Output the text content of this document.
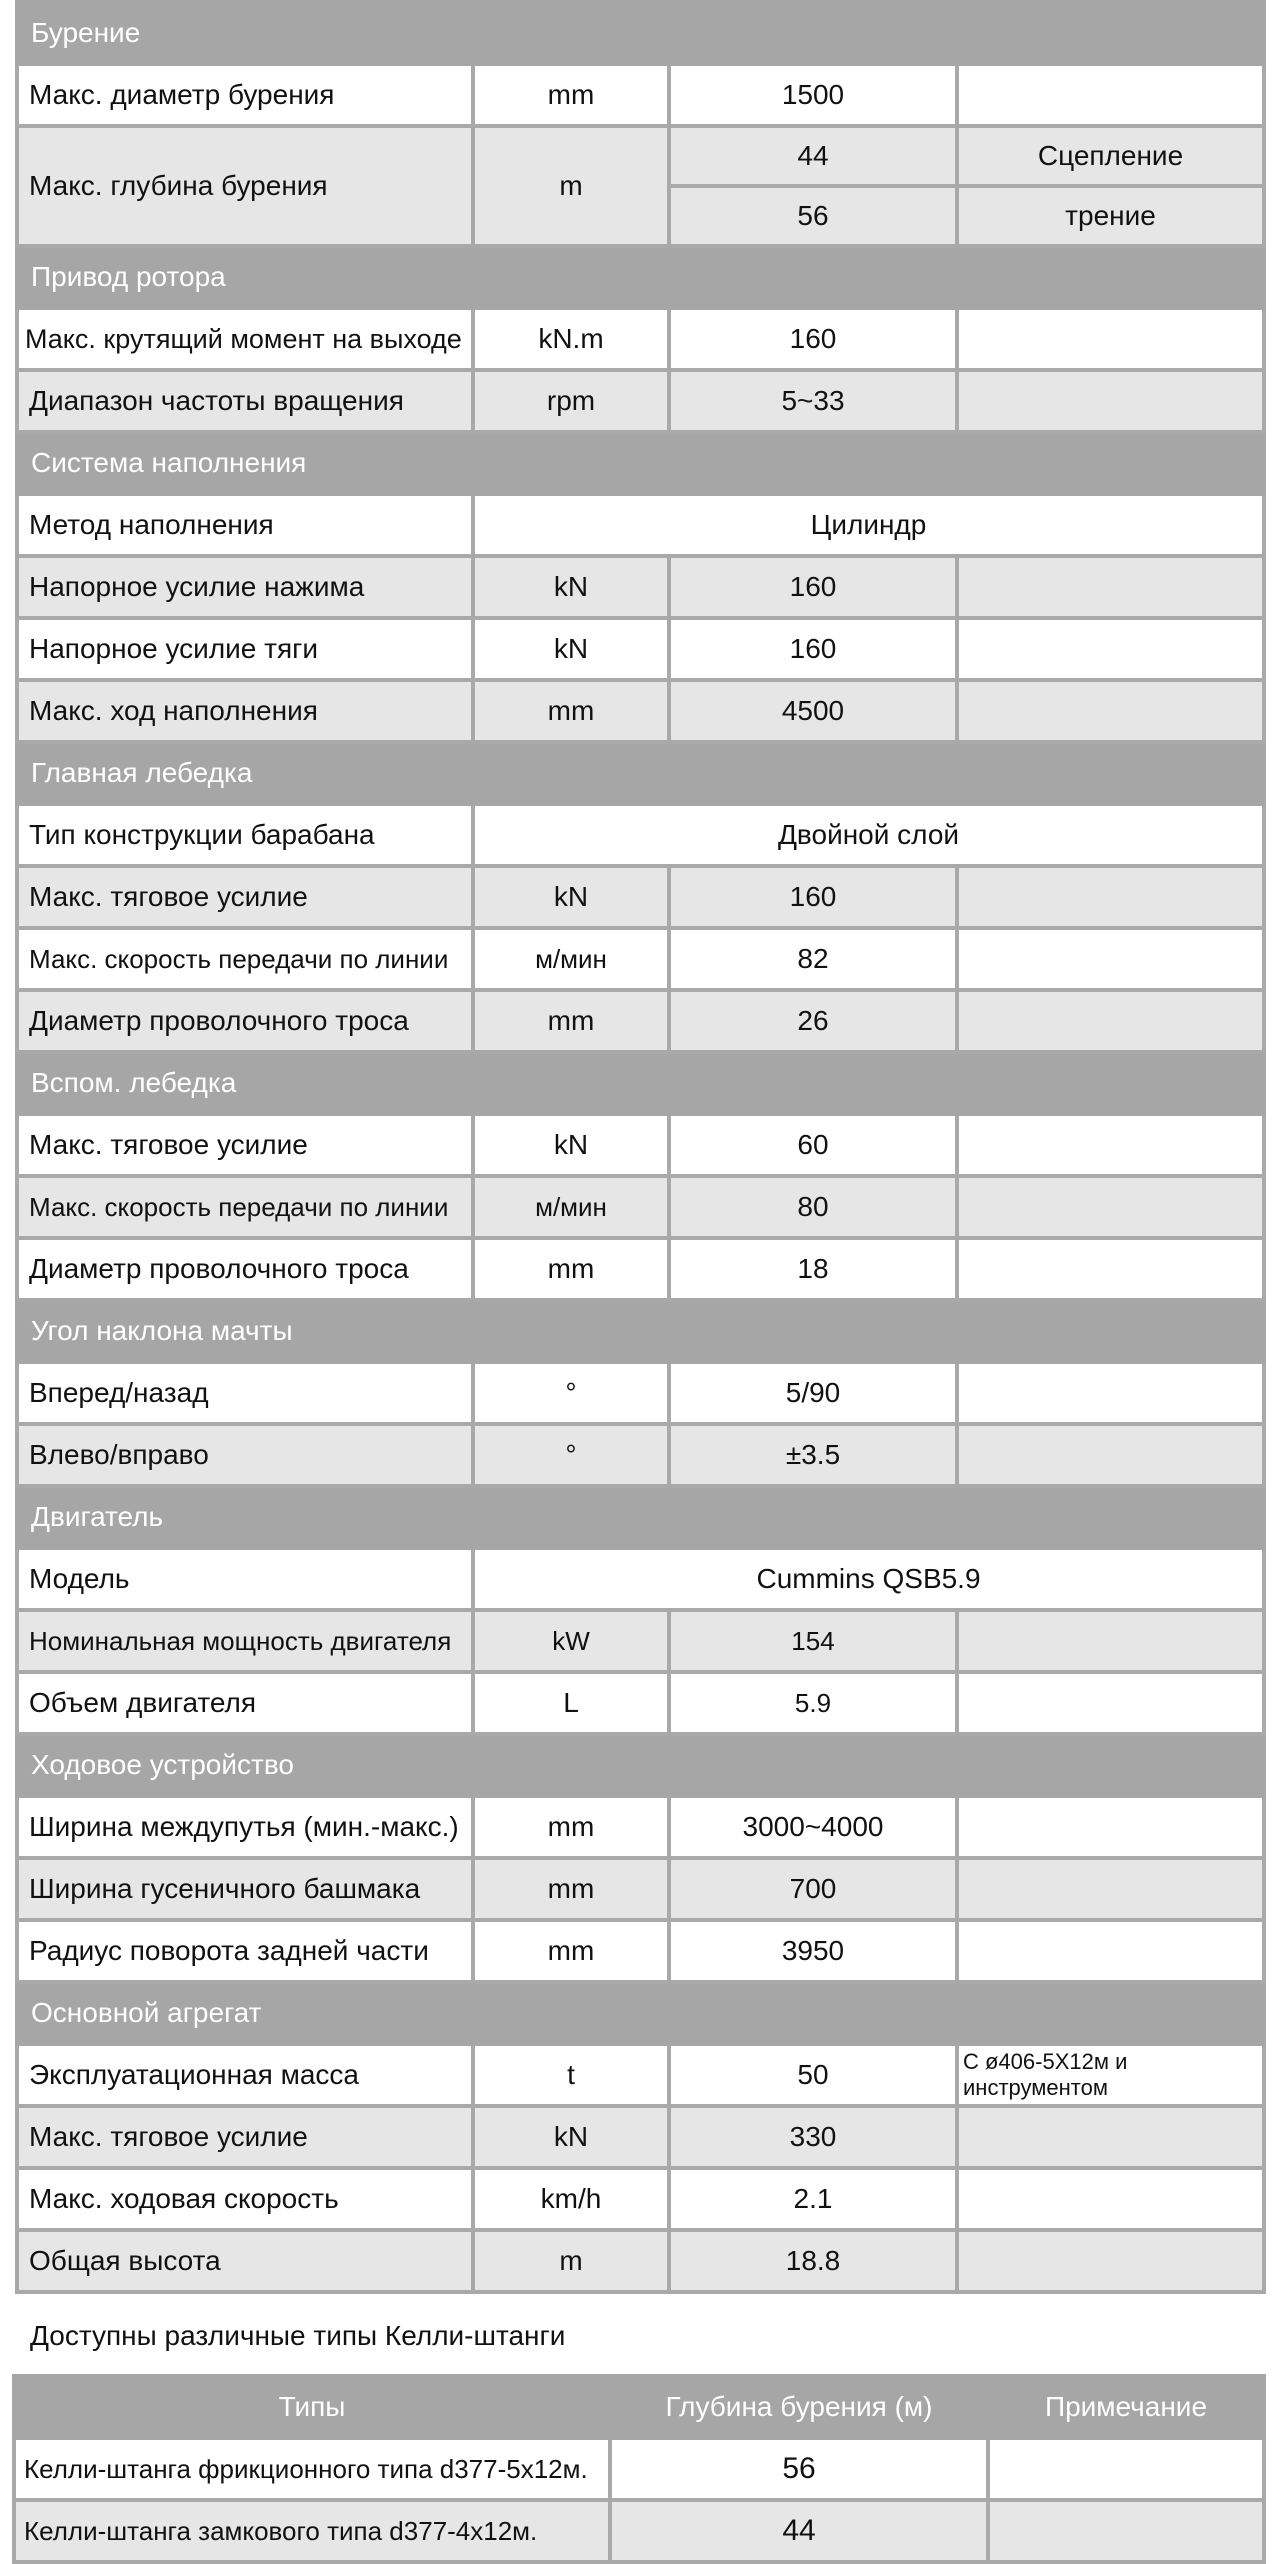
Бурение			
Макс. диаметр бурения	mm	1500	
Макс. глубина бурения	m	44	Сцепление
		56	трение
Привод ротора			
Макс. крутящий момент на выходе	kN.m	160	
Диапазон частоты вращения	rpm	5~33	
Система наполнения			
Метод наполнения	Цилиндр		
Напорное усилие нажима	kN	160	
Напорное усилие тяги	kN	160	
Макс. ход наполнения	mm	4500	
Главная лебедка			
Тип конструкции барабана	Двойной слой		
Макс. тяговое усилие	kN	160	
Макс. скорость передачи по линии	м/мин	82	
Диаметр проволочного троса	mm	26	
Вспом. лебедка			
Макс. тяговое усилие	kN	60	
Макс. скорость передачи по линии	м/мин	80	
Диаметр проволочного троса	mm	18	
Угол наклона мачты			
Вперед/назад	°	5/90	
Влево/вправо	°	±3.5	
Двигатель			
Модель	Cummins QSB5.9		
Номинальная мощность двигателя	kW	154	
Объем двигателя	L	5.9	
Ходовое устройство			
Ширина междупутья (мин.-макс.)	mm	3000~4000	
Ширина гусеничного башмака	mm	700	
Радиус поворота задней части	mm	3950	
Основной агрегат			
Эксплуатационная масса	t	50	С ø406-5X12м и инструментом
Макс. тяговое усилие	kN	330	
Макс. ходовая скорость	km/h	2.1	
Общая высота	m	18.8	
Доступны различные типы Келли-штанги
Типы	Глубина бурения (м)	Примечание
Келли-штанга фрикционного типа d377-5x12м.	56	
Келли-штанга замкового типа d377-4x12м.	44	
